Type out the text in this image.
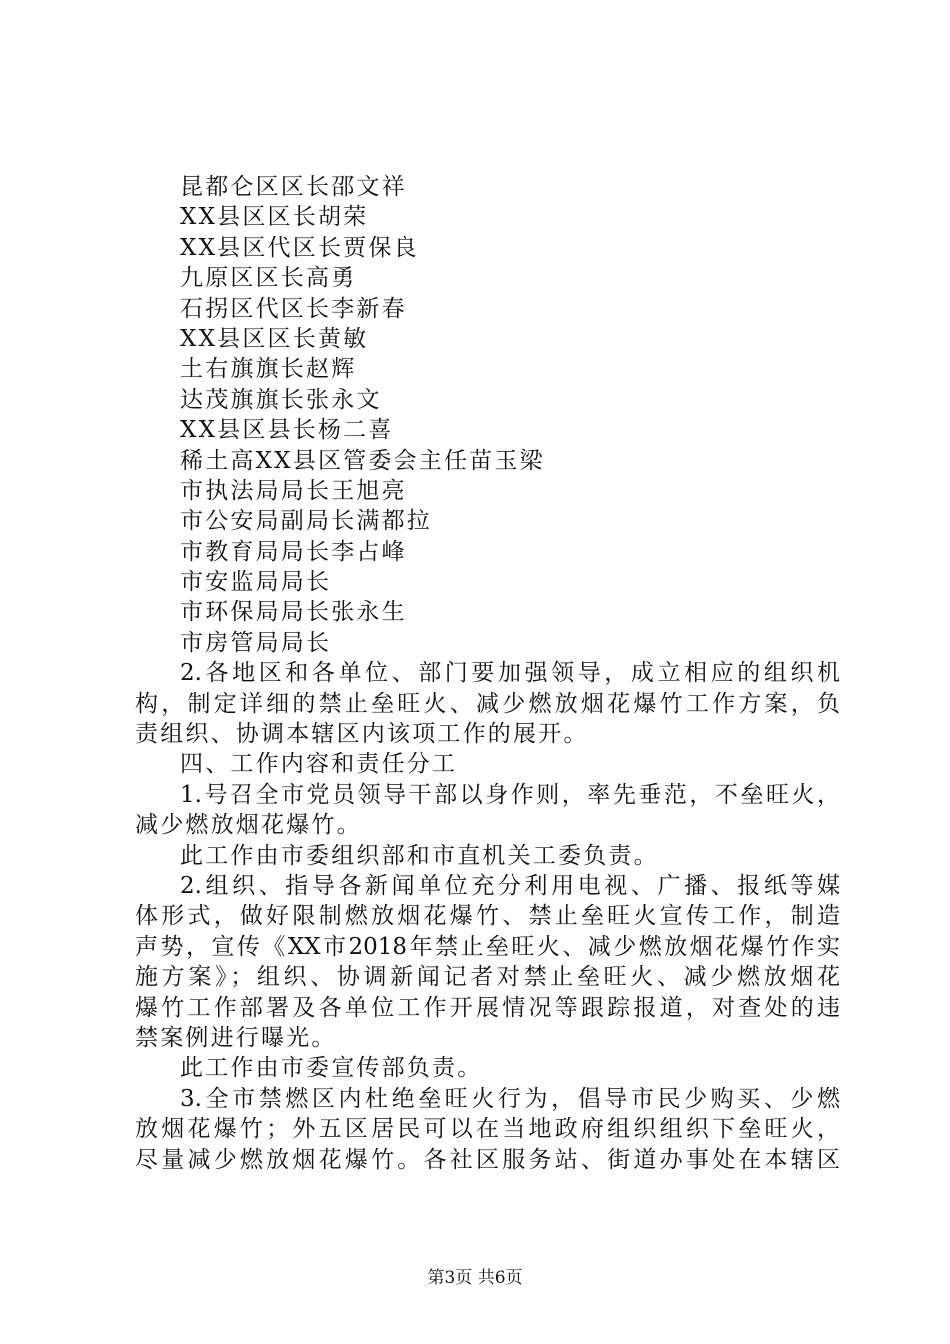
昆都仑区区长邵文祥
XX县区区长胡荣
XX县区代区长贾保良
九原区区长高勇
石拐区代区长李新春
XX县区区长黄敏
土右旗旗长赵辉
达茂旗旗长张永文
XX县区县长杨二喜
稀土高XX县区管委会主任苗玉梁
市执法局局长王旭亮
市公安局副局长满都拉
市教育局局长李占峰
市安监局局长
市环保局局长张永生
市房管局局长
2.各地区和各单位、部门要加强领导，成立相应的组织机
构，制定详细的禁止垒旺火、减少燃放烟花爆竹工作方案，负
责组织、协调本辖区内该项工作的展开。
四、工作内容和责任分工
1.号召全市党员领导干部以身作则，率先垂范，不垒旺火，
减少燃放烟花爆竹。
此工作由市委组织部和市直机关工委负责。
2.组织、指导各新闻单位充分利用电视、广播、报纸等媒
体形式，做好限制燃放烟花爆竹、禁止垒旺火宣传工作，制造
声势，宣传《XX市2018年禁止垒旺火、减少燃放烟花爆竹作实
施方案》；组织、协调新闻记者对禁止垒旺火、减少燃放烟花
爆竹工作部署及各单位工作开展情况等跟踪报道，对查处的违
禁案例进行曝光。
此工作由市委宣传部负责。
3.全市禁燃区内杜绝垒旺火行为，倡导市民少购买、少燃
放烟花爆竹；外五区居民可以在当地政府组织组织下垒旺火，
尽量减少燃放烟花爆竹。各社区服务站、街道办事处在本辖区
第3页 共6页
